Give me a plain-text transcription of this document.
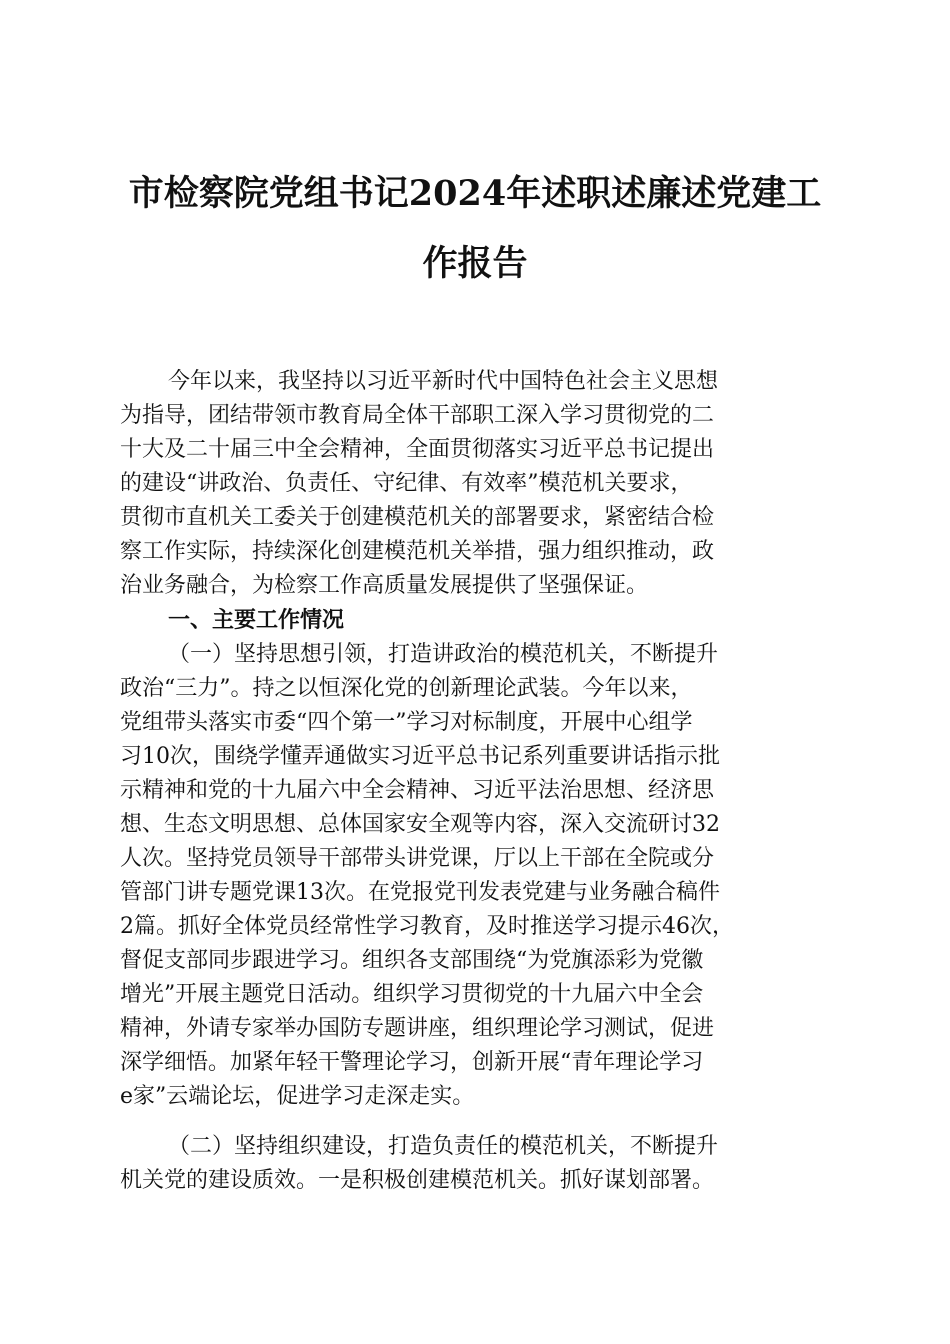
市检察院党组书记2024年述职述廉述党建工
作报告
今年以来，我坚持以习近平新时代中国特色社会主义思想
为指导，团结带领市教育局全体干部职工深入学习贯彻党的二
十大及二十届三中全会精神，全面贯彻落实习近平总书记提出
的建设“讲政治、负责任、守纪律、有效率”模范机关要求，
贯彻市直机关工委关于创建模范机关的部署要求，紧密结合检
察工作实际，持续深化创建模范机关举措，强力组织推动，政
治业务融合，为检察工作高质量发展提供了坚强保证。
一、主要工作情况
（一）坚持思想引领，打造讲政治的模范机关，不断提升
政治“三力”。持之以恒深化党的创新理论武装。今年以来，
党组带头落实市委“四个第一”学习对标制度，开展中心组学
习10次，围绕学懂弄通做实习近平总书记系列重要讲话指示批
示精神和党的十九届六中全会精神、习近平法治思想、经济思
想、生态文明思想、总体国家安全观等内容，深入交流研讨32
人次。坚持党员领导干部带头讲党课，厅以上干部在全院或分
管部门讲专题党课13次。在党报党刊发表党建与业务融合稿件
2篇。抓好全体党员经常性学习教育，及时推送学习提示46次，
督促支部同步跟进学习。组织各支部围绕“为党旗添彩为党徽
增光”开展主题党日活动。组织学习贯彻党的十九届六中全会
精神，外请专家举办国防专题讲座，组织理论学习测试，促进
深学细悟。加紧年轻干警理论学习，创新开展“青年理论学习
e家”云端论坛，促进学习走深走实。
（二）坚持组织建设，打造负责任的模范机关，不断提升
机关党的建设质效。一是积极创建模范机关。抓好谋划部署。
